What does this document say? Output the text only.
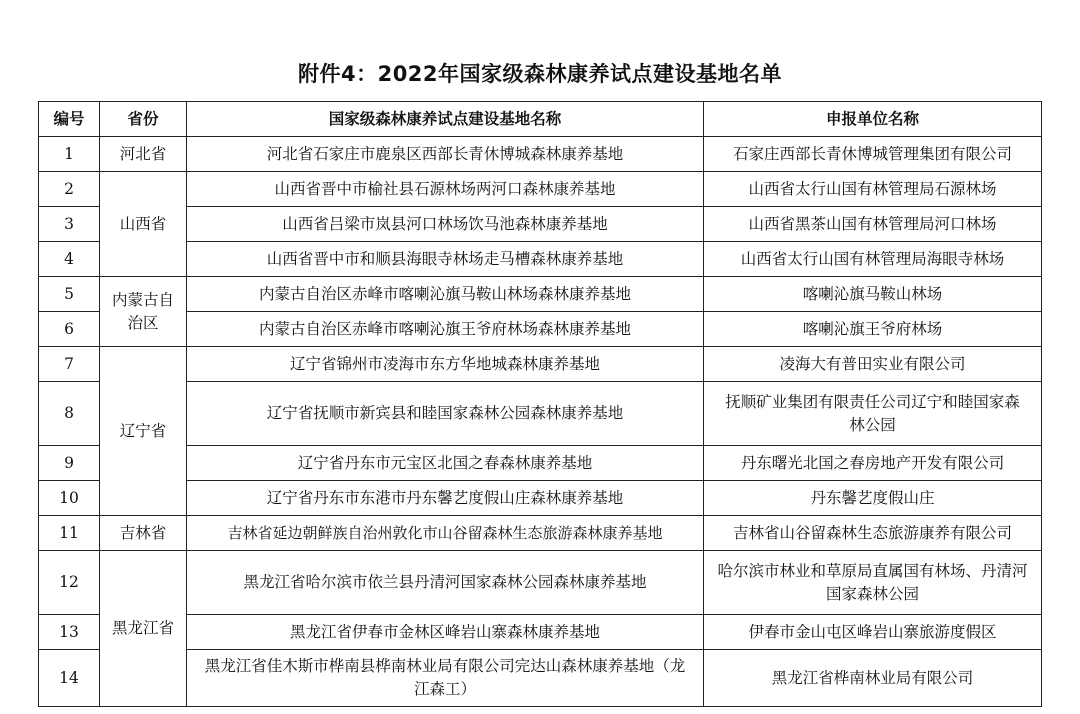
附件4：2022年国家级森林康养试点建设基地名单
编号	省份	国家级森林康养试点建设基地名称	申报单位名称
1	河北省	河北省石家庄市鹿泉区西部长青休博城森林康养基地	石家庄西部长青休博城管理集团有限公司
2	山西省	山西省晋中市榆社县石源林场两河口森林康养基地	山西省太行山国有林管理局石源林场
3		山西省吕梁市岚县河口林场饮马池森林康养基地	山西省黑茶山国有林管理局河口林场
4		山西省晋中市和顺县海眼寺林场走马槽森林康养基地	山西省太行山国有林管理局海眼寺林场
5	内蒙古自治区	内蒙古自治区赤峰市喀喇沁旗马鞍山林场森林康养基地	喀喇沁旗马鞍山林场
6		内蒙古自治区赤峰市喀喇沁旗王爷府林场森林康养基地	喀喇沁旗王爷府林场
7	辽宁省	辽宁省锦州市凌海市东方华地城森林康养基地	凌海大有普田实业有限公司
8		辽宁省抚顺市新宾县和睦国家森林公园森林康养基地	抚顺矿业集团有限责任公司辽宁和睦国家森林公园
9		辽宁省丹东市元宝区北国之春森林康养基地	丹东曙光北国之春房地产开发有限公司
10		辽宁省丹东市东港市丹东馨艺度假山庄森林康养基地	丹东馨艺度假山庄
11	吉林省	吉林省延边朝鲜族自治州敦化市山谷留森林生态旅游森林康养基地	吉林省山谷留森林生态旅游康养有限公司
12	黑龙江省	黑龙江省哈尔滨市依兰县丹清河国家森林公园森林康养基地	哈尔滨市林业和草原局直属国有林场、丹清河国家森林公园
13		黑龙江省伊春市金林区峰岩山寨森林康养基地	伊春市金山屯区峰岩山寨旅游度假区
14		黑龙江省佳木斯市桦南县桦南林业局有限公司完达山森林康养基地（龙江森工）	黑龙江省桦南林业局有限公司
